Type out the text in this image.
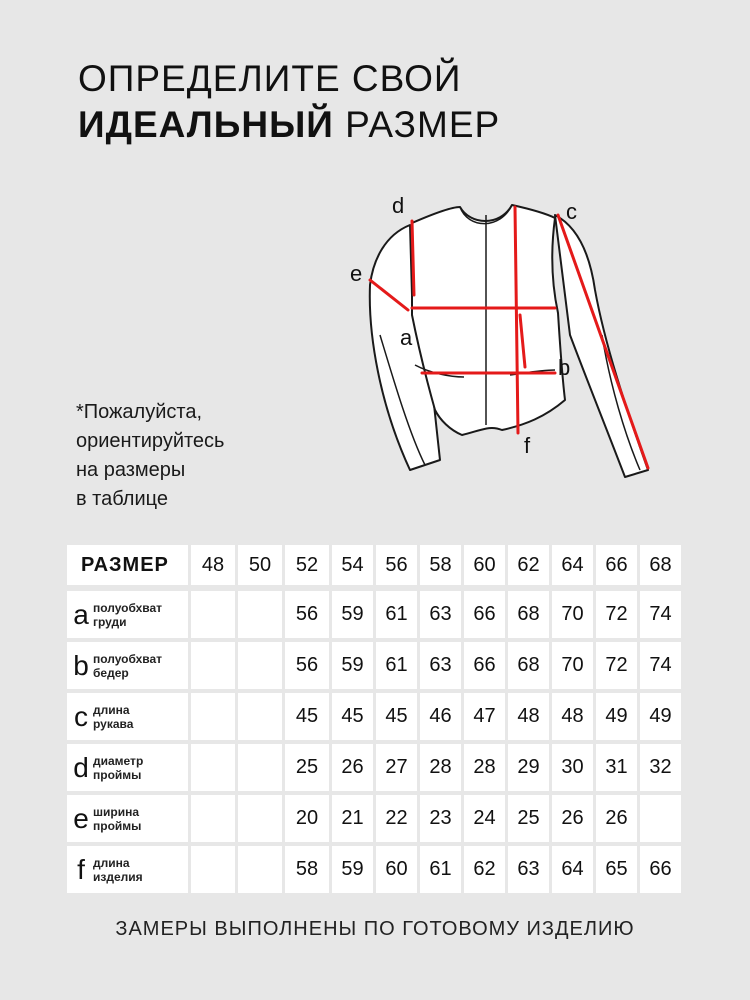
ОПРЕДЕЛИТЕ СВОЙ
ИДЕАЛЬНЫЙ РАЗМЕР
d	c
e
a
b
f
*Пожалуйста,
ориентируйтесь
на размеры
в таблице
РАЗМЕР	48	50	52	54	56	58	60	62	64	66	68

a полуобхват
груди			56	59	61	63	66	68	70	72	74

b полуобхват
бедер			56	59	61	63	66	68	70	72	74

c длина
рукава			45	45	45	46	47	48	48	49	49

d диаметр
проймы			25	26	27	28	28	29	30	31	32

e ширина
проймы			20	21	22	23	24	25	26	26	

f длина
изделия			58	59	60	61	62	63	64	65	66
ЗАМЕРЫ ВЫПОЛНЕНЫ ПО ГОТОВОМУ ИЗДЕЛИЮ
